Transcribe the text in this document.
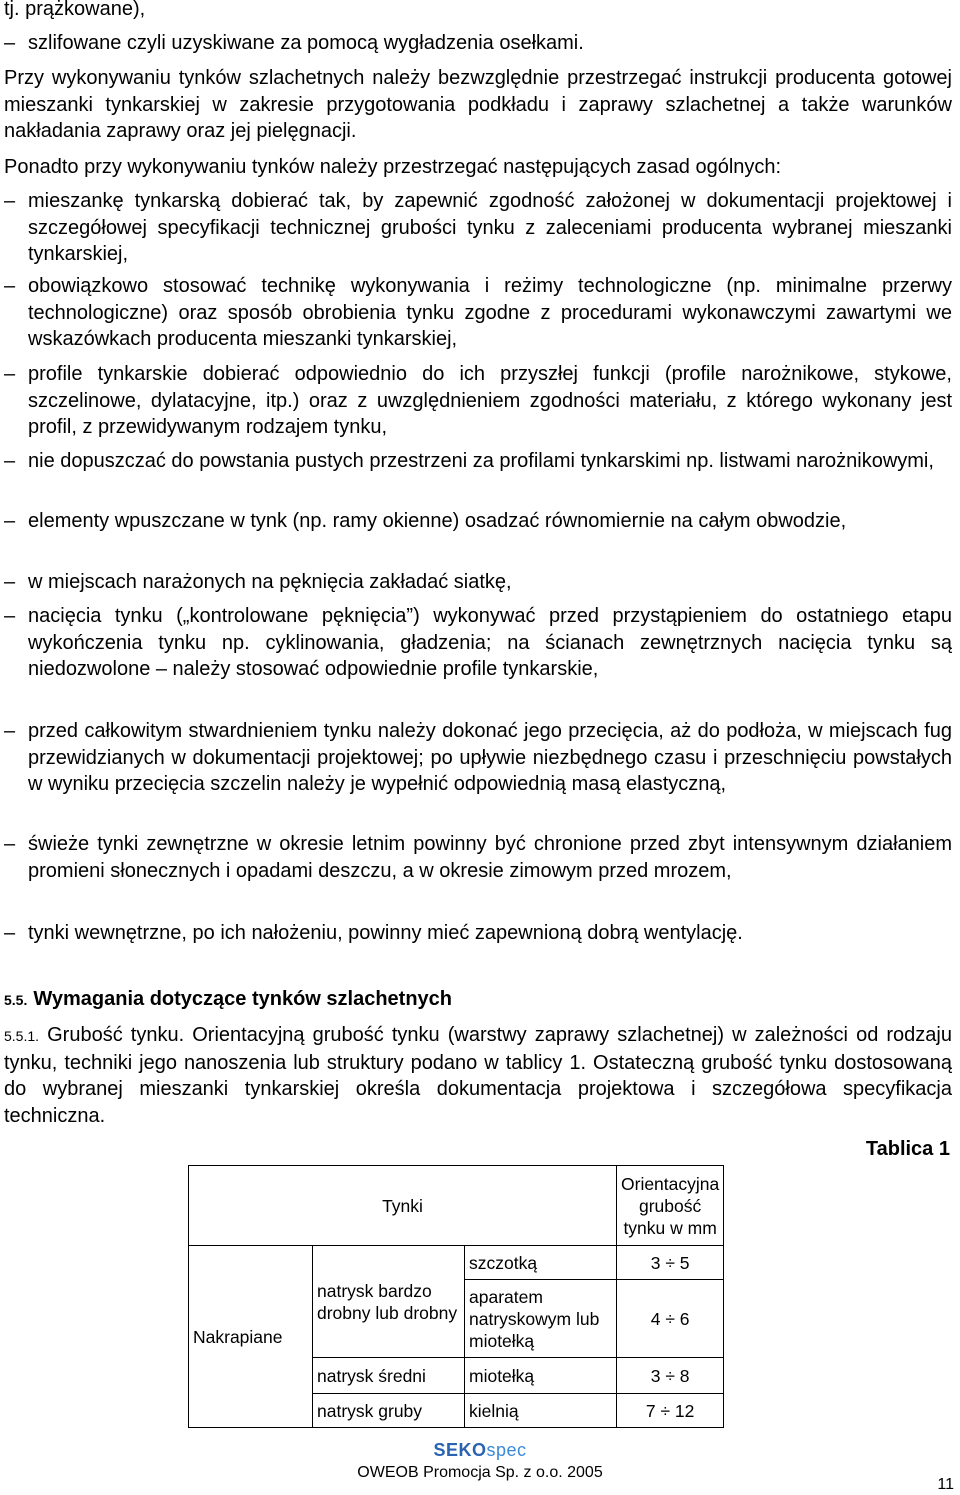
tj. prążkowane),
– szlifowane czyli uzyskiwane za pomocą wygładzenia osełkami.
Przy wykonywaniu tynków szlachetnych należy bezwzględnie przestrzegać instrukcji producenta gotowej mieszanki tynkarskiej w zakresie przygotowania podkładu i zaprawy szlachetnej a także warunków nakładania zaprawy oraz jej pielęgnacji.
Ponadto przy wykonywaniu tynków należy przestrzegać następujących zasad ogólnych:
– mieszankę tynkarską dobierać tak, by zapewnić zgodność założonej w dokumentacji projektowej i szczegółowej specyfikacji technicznej grubości tynku z zaleceniami producenta wybranej mieszanki tynkarskiej,
– obowiązkowo stosować technikę wykonywania i reżimy technologiczne (np. minimalne przerwy technologiczne) oraz sposób obrobienia tynku zgodne z procedurami wykonawczymi zawartymi we wskazówkach producenta mieszanki tynkarskiej,
– profile tynkarskie dobierać odpowiednio do ich przyszłej funkcji (profile narożnikowe, stykowe, szczelinowe, dylatacyjne, itp.) oraz z uwzględnieniem zgodności materiału, z którego wykonany jest profil, z przewidywanym rodzajem tynku,
– nie dopuszczać do powstania pustych przestrzeni za profilami tynkarskimi np. listwami narożnikowymi,
– elementy wpuszczane w tynk (np. ramy okienne) osadzać równomiernie na całym obwodzie,
– w miejscach narażonych na pęknięcia zakładać siatkę,
– nacięcia tynku („kontrolowane pęknięcia”) wykonywać przed przystąpieniem do ostatniego etapu wykończenia tynku np. cyklinowania, gładzenia; na ścianach zewnętrznych nacięcia tynku są niedozwolone – należy stosować odpowiednie profile tynkarskie,
– przed całkowitym stwardnieniem tynku należy dokonać jego przecięcia, aż do podłoża, w miejscach fug przewidzianych w dokumentacji projektowej; po upływie niezbędnego czasu i przeschnięciu powstałych w wyniku przecięcia szczelin należy je wypełnić odpowiednią masą elastyczną,
– świeże tynki zewnętrzne w okresie letnim powinny być chronione przed zbyt intensywnym działaniem promieni słonecznych i opadami deszczu, a w okresie zimowym przed mrozem,
– tynki wewnętrzne, po ich nałożeniu, powinny mieć zapewnioną dobrą wentylację.
5.5. Wymagania dotyczące tynków szlachetnych
5.5.1. Grubość tynku. Orientacyjną grubość tynku (warstwy zaprawy szlachetnej) w zależności od rodzaju tynku, techniki jego nanoszenia lub struktury podano w tablicy 1. Ostateczną grubość tynku dostosowaną do wybranej mieszanki tynkarskiej określa dokumentacja projektowa i szczegółowa specyfikacja techniczna.
Tablica 1
Tynki			Orientacyjna grubość tynku w mm
Nakrapiane	natrysk bardzo drobny lub drobny	szczotką	3 ÷ 5
		aparatem natryskowym lub miotełką	4 ÷ 6
	natrysk średni	miotełką	3 ÷ 8
	natrysk gruby	kielnią	7 ÷ 12
SEKOspec
OWEOB Promocja Sp. z o.o. 2005
11
